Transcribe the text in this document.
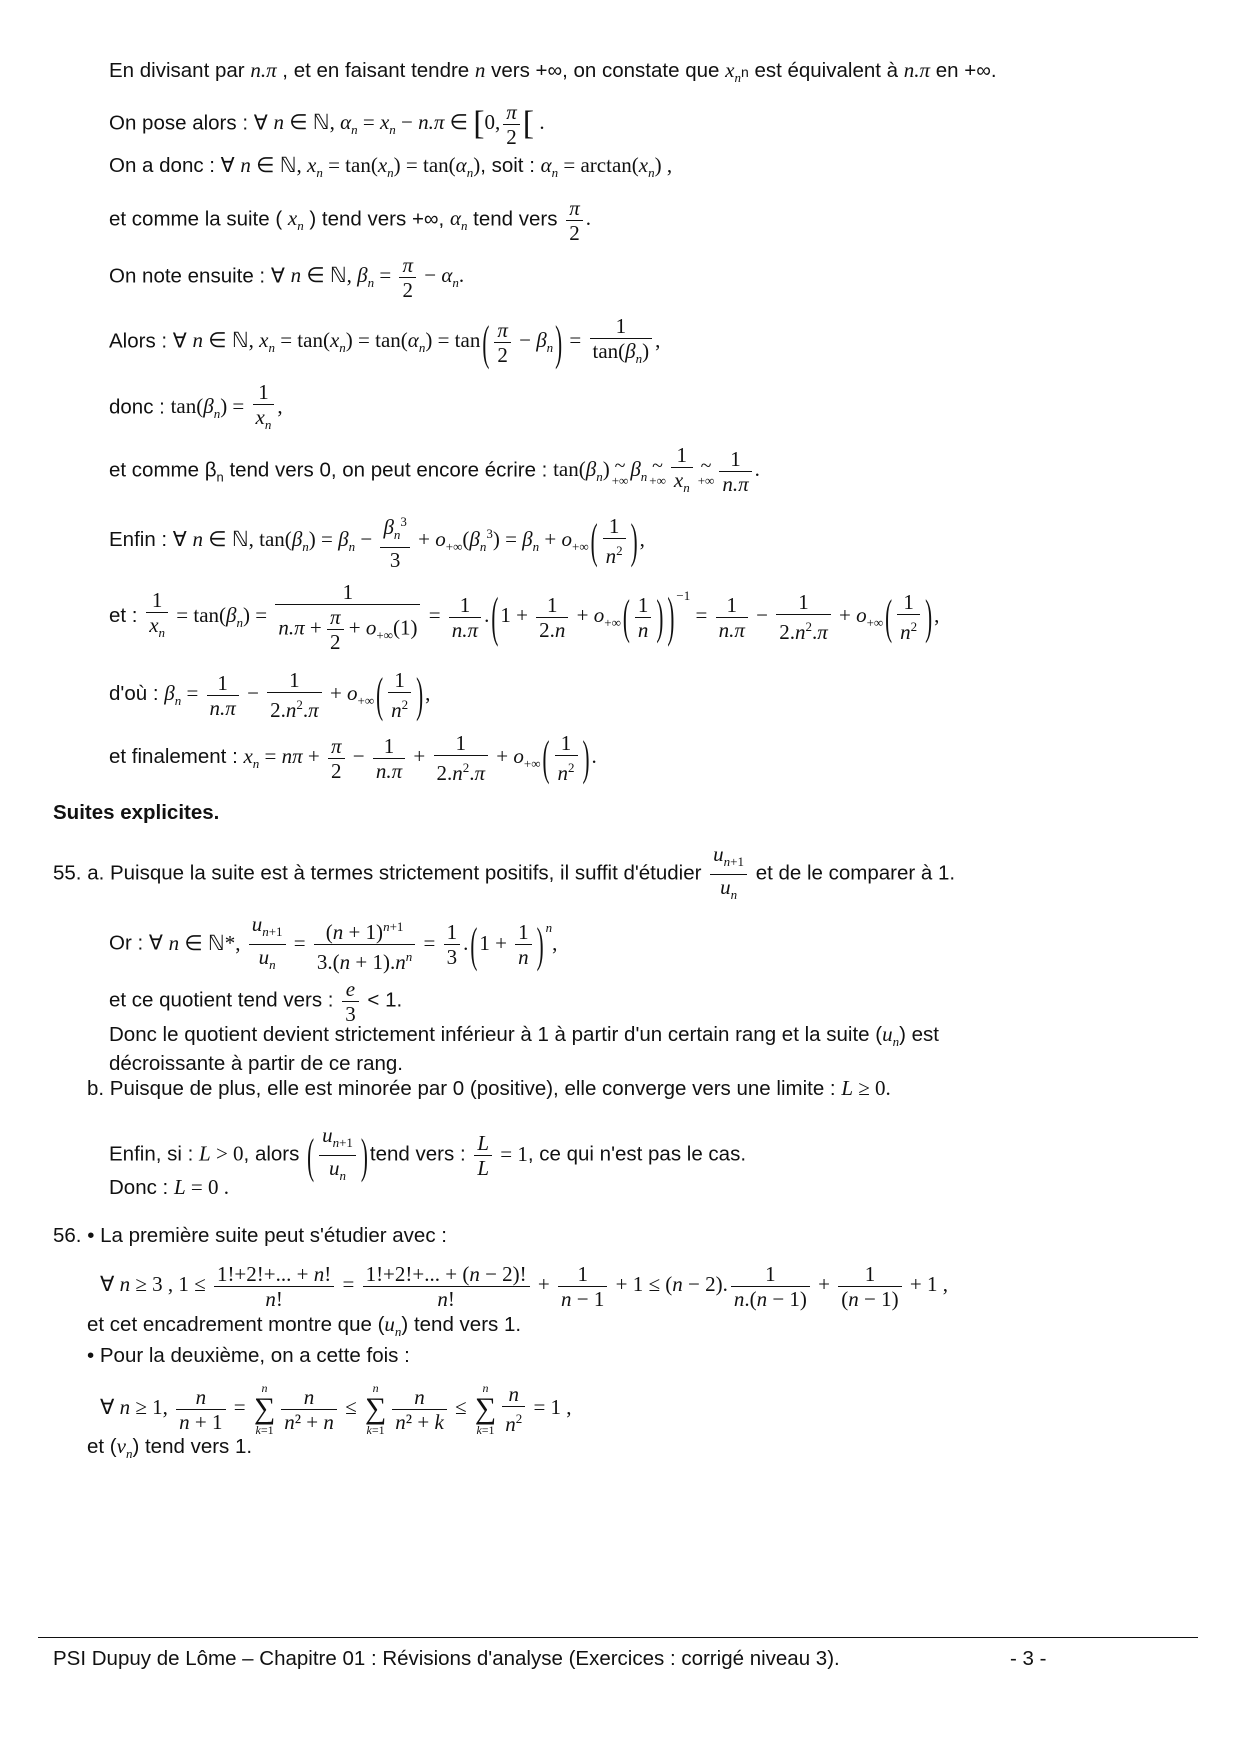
En divisant par n.π , et en faisant tendre n vers +∞, on constate que $x_nn$ est équivalent à n.π en +∞.
On pose alors : ∀ n ∈ ℕ, $\alpha_n = x_n - n.\pi$ ∈ [0, $\frac{\pi}{2}$ [ .
On a donc : ∀ n ∈ ℕ, $x_n = \tan(x_n) = \tan(\alpha_n)$, soit : $\alpha_n = \arctan(x_n)$ ,
et comme la suite ( $x_n$ ) tend vers +∞, $\alpha_n$ tend vers $\frac{\pi}{2}$ .
On note ensuite : ∀ n ∈ ℕ, $\beta_n = \frac{\pi}{2} - \alpha_n$.
Alors : ∀ n ∈ ℕ, $x_n = \tan(x_n) = \tan(\alpha_n) = \tan( \frac{\pi}{2} - \beta_n) = \frac{1}{\tan(\beta_n)}$ ,
donc : $\tan(\beta_n) = \frac{1}{x_n}$ ,
et comme $\beta_n$ tend vers 0, on peut encore écrire : $\tan(\beta_n)$ ~
$+\infty\beta_n$
~
+∞ $\frac{1}{x_n}$ ~
+∞ $\frac{1}{n.\pi}$ .
Enfin : ∀ n ∈ ℕ, $\tan(\beta_n) = \beta_n - \frac{\beta_n^3}{3} + o_{+\infty}(\beta_n^3) = \beta_n + o_{+\infty}( \frac{1}{n^2}$ ),
et : $\frac{1}{x_n} = \tan(\beta_n) = \frac{1}{n.\pi + \frac{\pi}{2} + o_{+\infty}(1)} = \frac{1}{n.\pi} .(1 + \frac{1}{2.n} + o_{+\infty}( \frac{1}{n}$ ) ) $^{-1} = \frac{1}{n.\pi} - \frac{1}{2.n^2.\pi} + o_{+\infty}( \frac{1}{n^2}$ ),
d'où : $\beta_n = \frac{1}{n.\pi} - \frac{1}{2.n^2.\pi} + o_{+\infty}( \frac{1}{n^2}$ ),
et finalement : $x_n = n\pi + \frac{\pi}{2} - \frac{1}{n.\pi} + \frac{1}{2.n^2.\pi} + o_{+\infty}( \frac{1}{n^2}$ ).
Suites explicites.
55. a. Puisque la suite est à termes strictement positifs, il suffit d'étudier $\frac{u_{n+1}}{u_n}$ et de le comparer à 1.
Or : ∀ n ∈ ℕ*, $\frac{u_{n+1}}{u_n} = \frac{(n + 1)^{n+1}}{3.(n + 1).n^n} = \frac{1}{3} .(1 + \frac{1}{n}$ ) $^n$,
et ce quotient tend vers : $\frac{e}{3} < 1$.
Donc le quotient devient strictement inférieur à 1 à partir d'un certain rang et la suite $(u_n)$ est
décroissante à partir de ce rang.
b. Puisque de plus, elle est minorée par 0 (positive), elle converge vers une limite : L ≥ 0.
Enfin, si : L > 0, alors ( $\frac{u_{n+1}}{u_n}$ )tend vers : $\frac{L}{L} = 1$, ce qui n'est pas le cas.
Donc : L = 0 .
56. • La première suite peut s'étudier avec :
∀ n ≥ 3 , $1 \le \frac{1!+2!+... + n!}{n!} = \frac{1!+2!+... + (n - 2)!}{n!} + \frac{1}{n - 1} + 1 \le (n - 2)$. $\frac{1}{n.(n - 1)} + \frac{1}{(n - 1)} + 1$ ,
et cet encadrement montre que $(u_n)$ tend vers 1.
• Pour la deuxième, on a cette fois :
∀ n ≥ 1, $\frac{n}{n + 1}$ =
n
∑
$k=1 \frac{n}{\text{n² + n}}$ ≤
n
∑
$k=1 \frac{n}{\text{n² + k}}$ ≤
n
∑
$k=1 \frac{n}{n^2} = 1$ ,
et $(v_n)$ tend vers 1.
PSI Dupuy de Lôme – Chapitre 01 : Révisions d'analyse (Exercices : corrigé niveau 3).	- 3 -
